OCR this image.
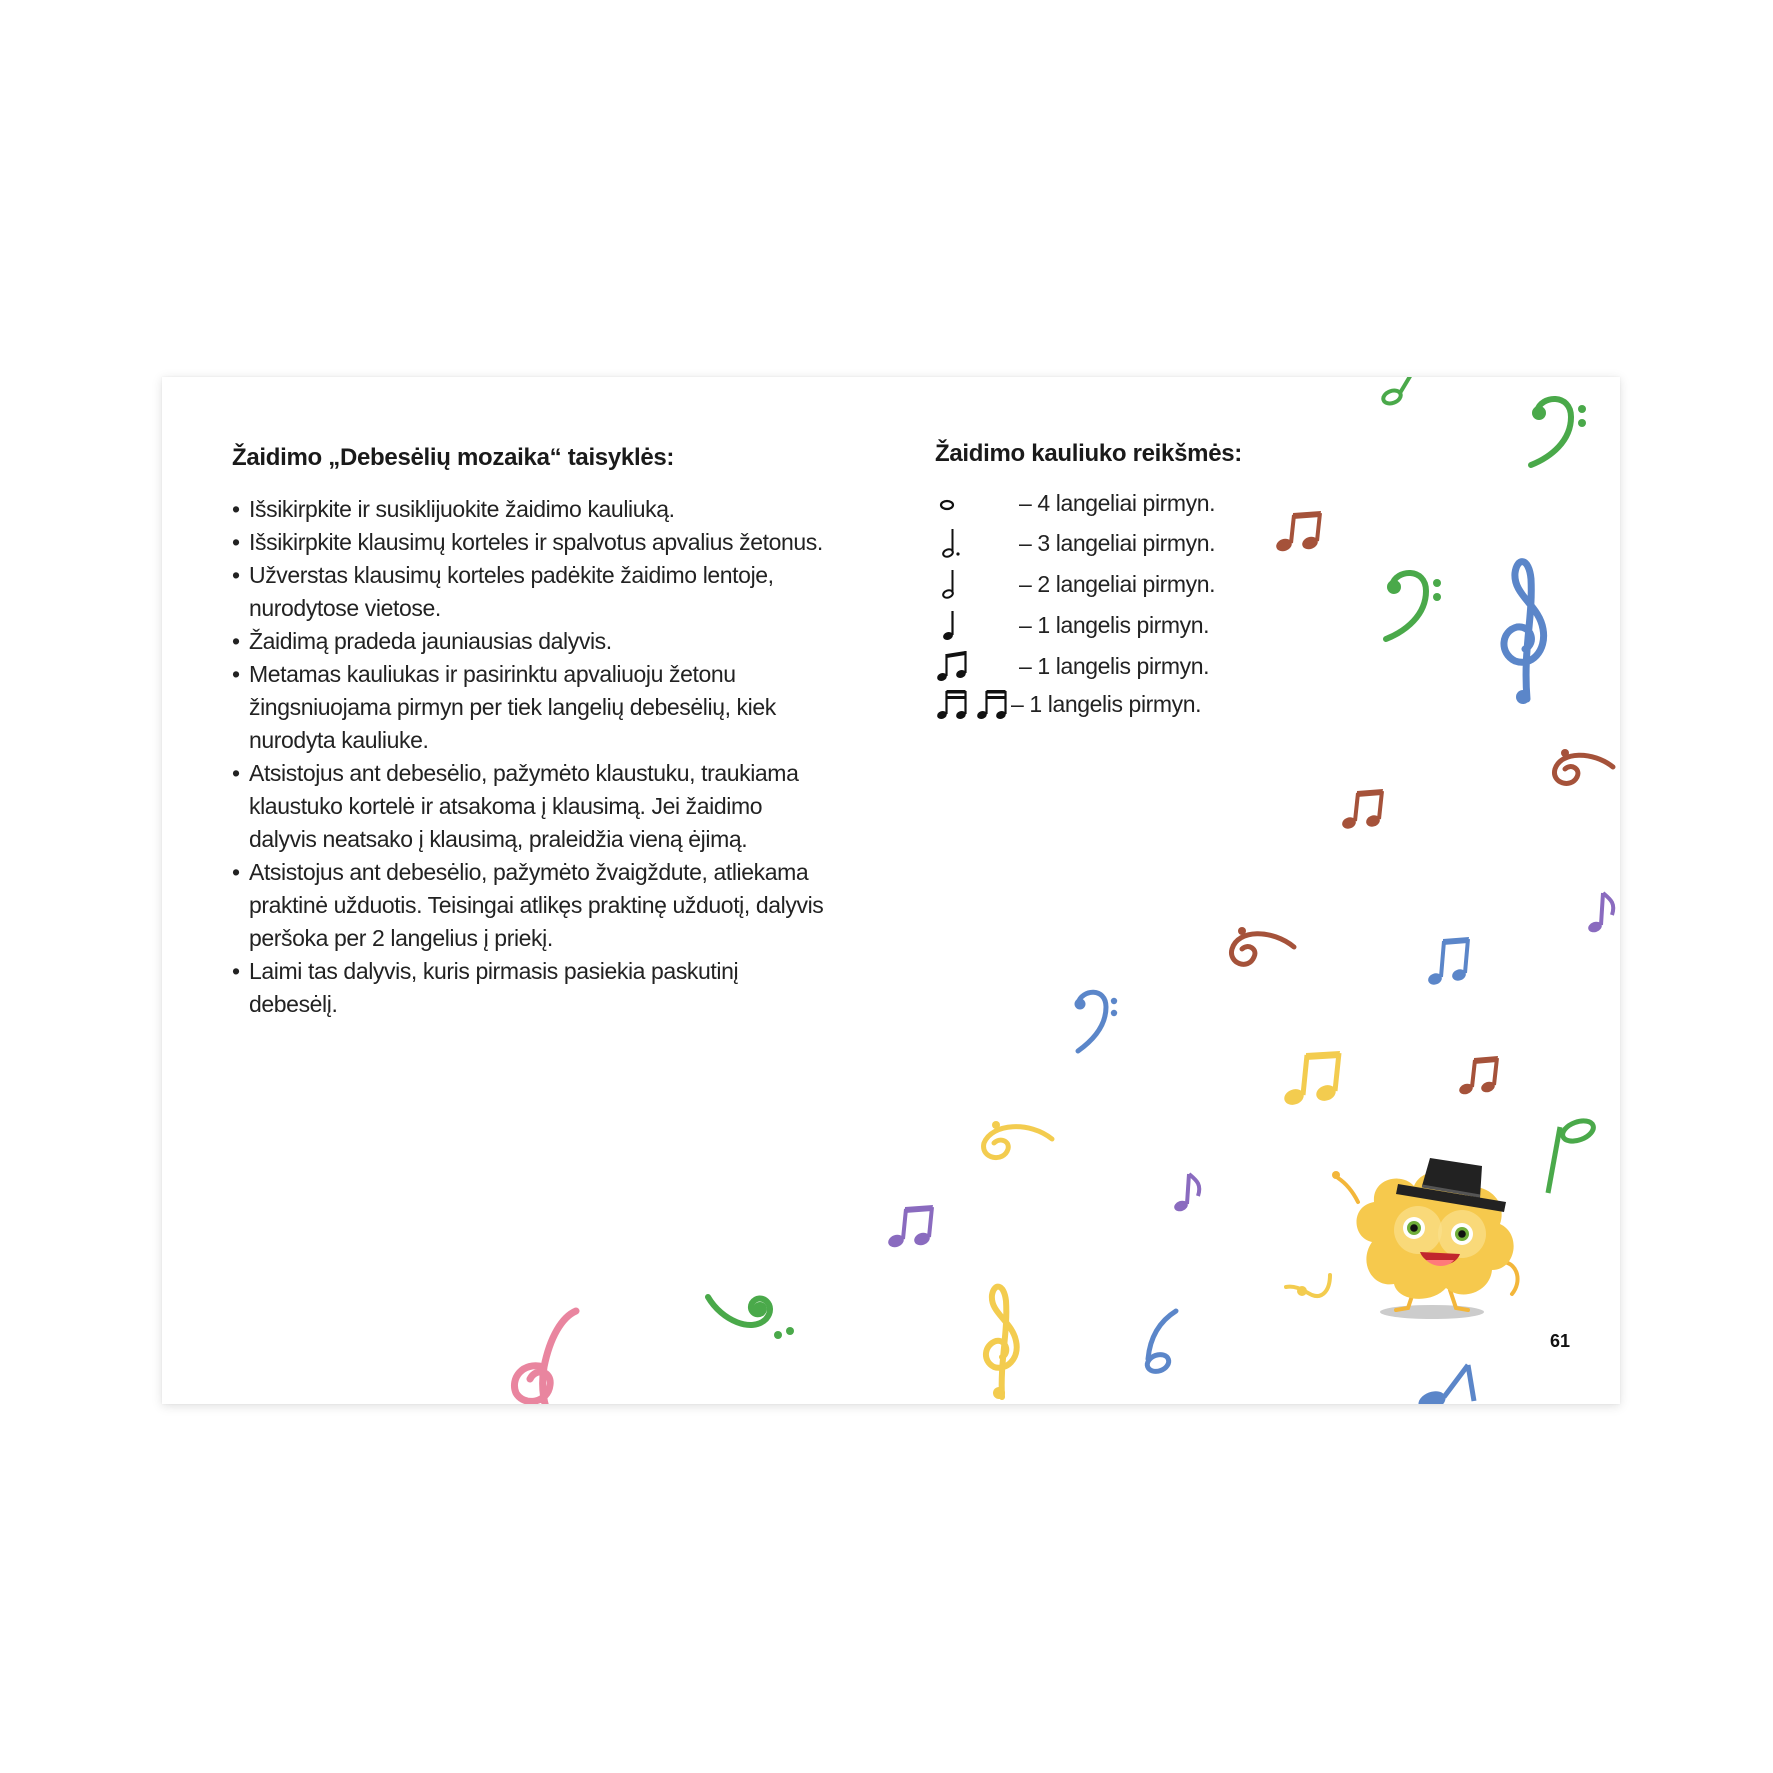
Žaidimo „Debesėlių mozaika“ taisyklės:
• Išsikirpkite ir susiklijuokite žaidimo kauliuką.
• Išsikirpkite klausimų korteles ir spalvotus apvalius žetonus.
• Užverstas klausimų korteles padėkite žaidimo lentoje, nurodytose vietose.
• Žaidimą pradeda jauniausias dalyvis.
• Metamas kauliukas ir pasirinktu apvaliuoju žetonu žingsniuojama pirmyn per tiek langelių debesėlių, kiek nurodyta kauliuke.
• Atsistojus ant debesėlio, pažymėto klaustuku, traukiama klaustuko kortelė ir atsakoma į klausimą. Jei žaidimo dalyvis neatsako į klausimą, praleidžia vieną ėjimą.
• Atsistojus ant debesėlio, pažymėto žvaigždute, atliekama praktinė užduotis. Teisingai atlikęs praktinę užduotį, dalyvis peršoka per 2 langelius į priekį.
• Laimi tas dalyvis, kuris pirmasis pasiekia paskutinį debesėlį.
Žaidimo kauliuko reikšmės:
– 4 langeliai pirmyn.
– 3 langeliai pirmyn.
– 2 langeliai pirmyn.
– 1 langelis pirmyn.
– 1 langelis pirmyn.
– 1 langelis pirmyn.
61
